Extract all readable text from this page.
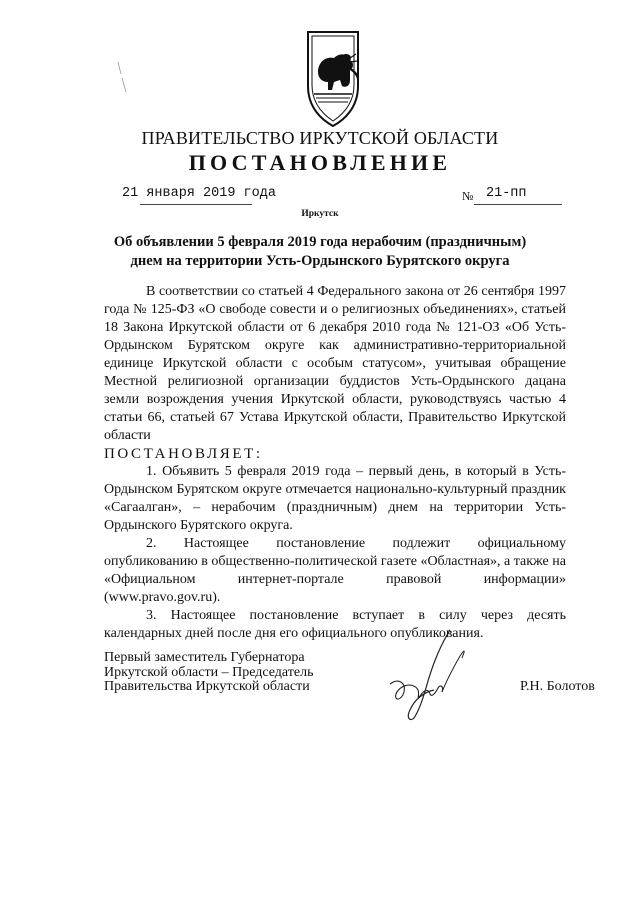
ПРАВИТЕЛЬСТВО ИРКУТСКОЙ ОБЛАСТИ
ПОСТАНОВЛЕНИЕ
21 января 2019 года	№ 21-пп
Иркутск
Об объявлении 5 февраля 2019 года нерабочим (праздничным)
днем на территории Усть-Ордынского Бурятского округа

В соответствии со статьей 4 Федерального закона от 26 сентября 1997 года № 125-ФЗ «О свободе совести и о религиозных объединениях», статьей 18 Закона Иркутской области от 6 декабря 2010 года № 121-ОЗ «Об Усть-Ордынском Бурятском округе как административно-территориальной единице Иркутской области с особым статусом», учитывая обращение Местной религиозной организации буддистов Усть-Ордынского дацана земли возрождения учения Иркутской области, руководствуясь частью 4 статьи 66, статьей 67 Устава Иркутской области, Правительство Иркутской области

ПОСТАНОВЛЯЕТ:

1. Объявить 5 февраля 2019 года – первый день, в который в Усть-Ордынском Бурятском округе отмечается национально-культурный праздник «Сагаалган», – нерабочим (праздничным) днем на территории Усть-Ордынского Бурятского округа.

2. Настоящее постановление подлежит официальному опубликованию в общественно-политической газете «Областная», а также на «Официальном интернет-портале правовой информации» (www.pravo.gov.ru).

3. Настоящее постановление вступает в силу через десять календарных дней после дня его официального опубликования.

Первый заместитель Губернатора
Иркутской области – Председатель
Правительства Иркутской области	Р.Н. Болотов
